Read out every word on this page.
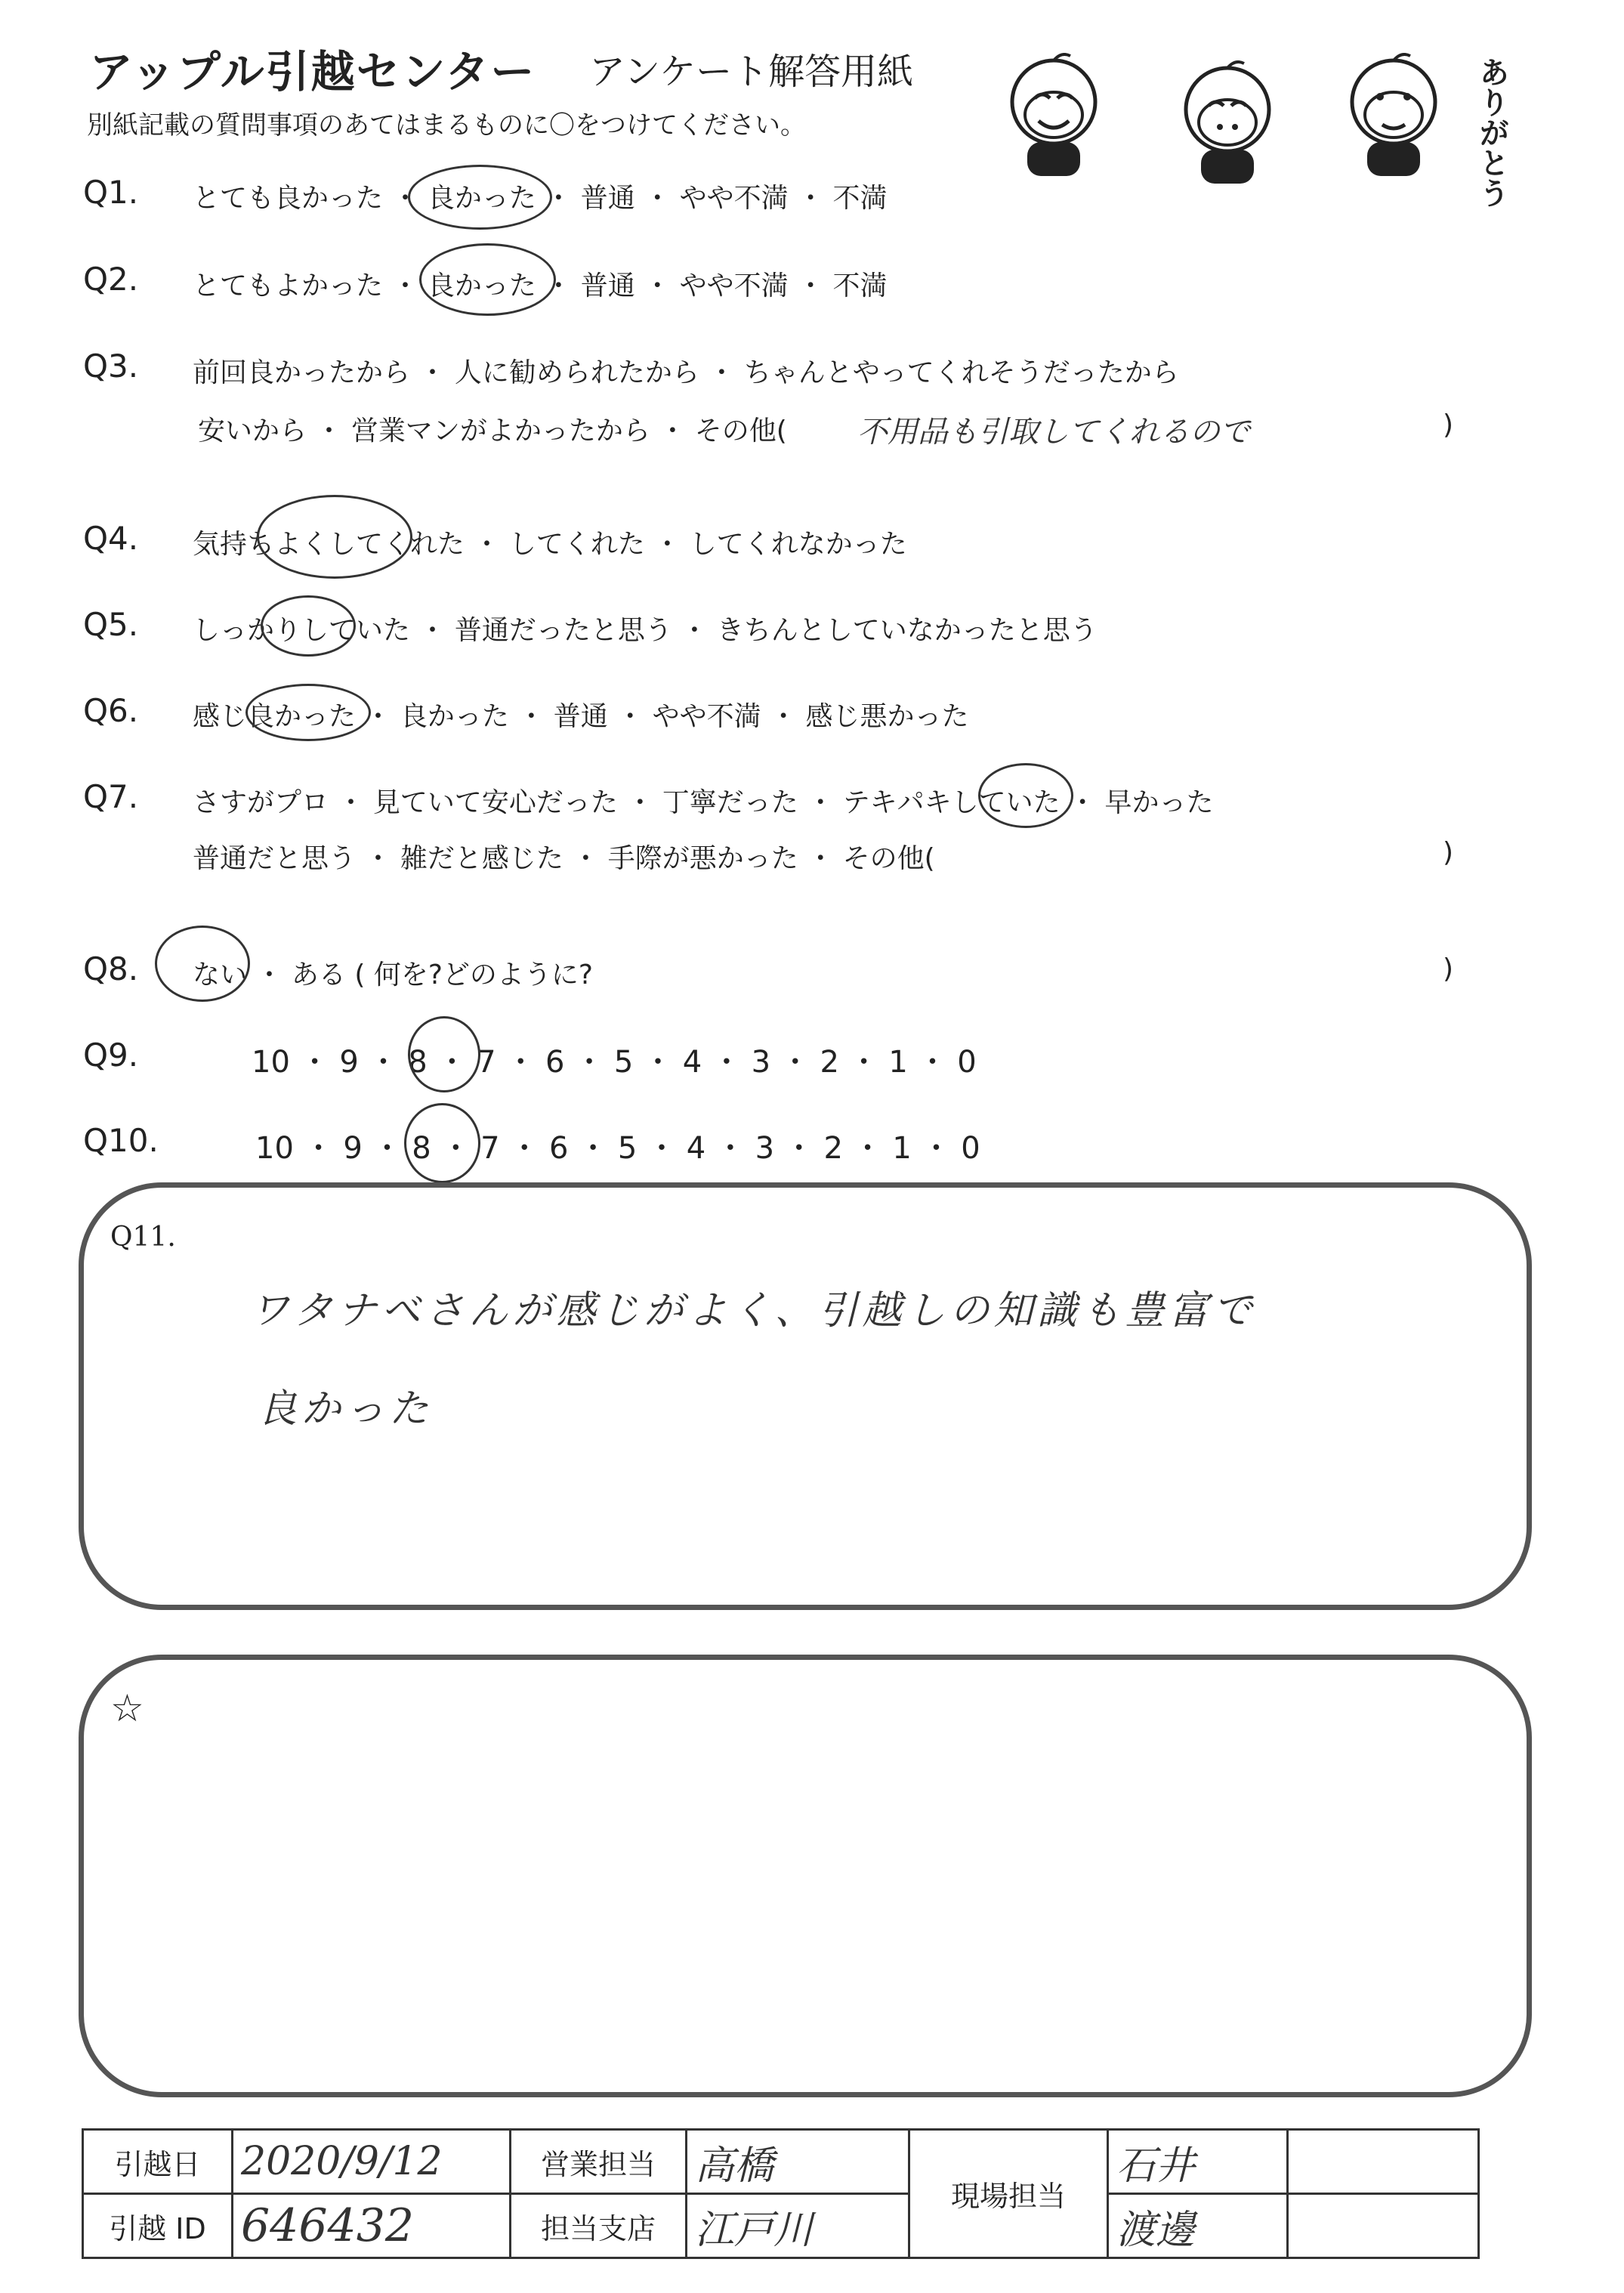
アップル引越センター アンケート解答用紙
別紙記載の質問事項のあてはまるものに〇をつけてください。	ありがとう
Q1. とても良かった ・ 良かった ・ 普通 ・ やや不満 ・ 不満
Q2. とてもよかった ・ 良かった ・ 普通 ・ やや不満 ・ 不満
Q3. 前回良かったから ・ 人に勧められたから ・ ちゃんとやってくれそうだったから
安いから ・ 営業マンがよかったから ・ その他( 不用品も引取してくれるので	)
Q4. 気持ちよくしてくれた ・ してくれた ・ してくれなかった
Q5. しっかりしていた ・ 普通だったと思う ・ きちんとしていなかったと思う
Q6. 感じ良かった ・ 良かった ・ 普通 ・ やや不満 ・ 感じ悪かった
Q7. さすがプロ ・ 見ていて安心だった ・ 丁寧だった ・ テキパキしていた ・ 早かった
普通だと思う ・ 雑だと感じた ・ 手際が悪かった ・ その他(	)
Q8. ない ・ ある ( 何を?どのように?	)
Q9.	10 ・ 9 ・ 8 ・ 7 ・ 6 ・ 5 ・ 4 ・ 3 ・ 2 ・ 1 ・ 0
Q10.	10 ・ 9 ・ 8 ・ 7 ・ 6 ・ 5 ・ 4 ・ 3 ・ 2 ・ 1 ・ 0
Q11.
ワタナベさんが感じがよく、引越しの知識も豊富で
良かった
☆
引越日	2020/9/12	営業担当	高橋	現場担当	石井	
引越 ID	646432	担当支店	江戸川		渡邊	
